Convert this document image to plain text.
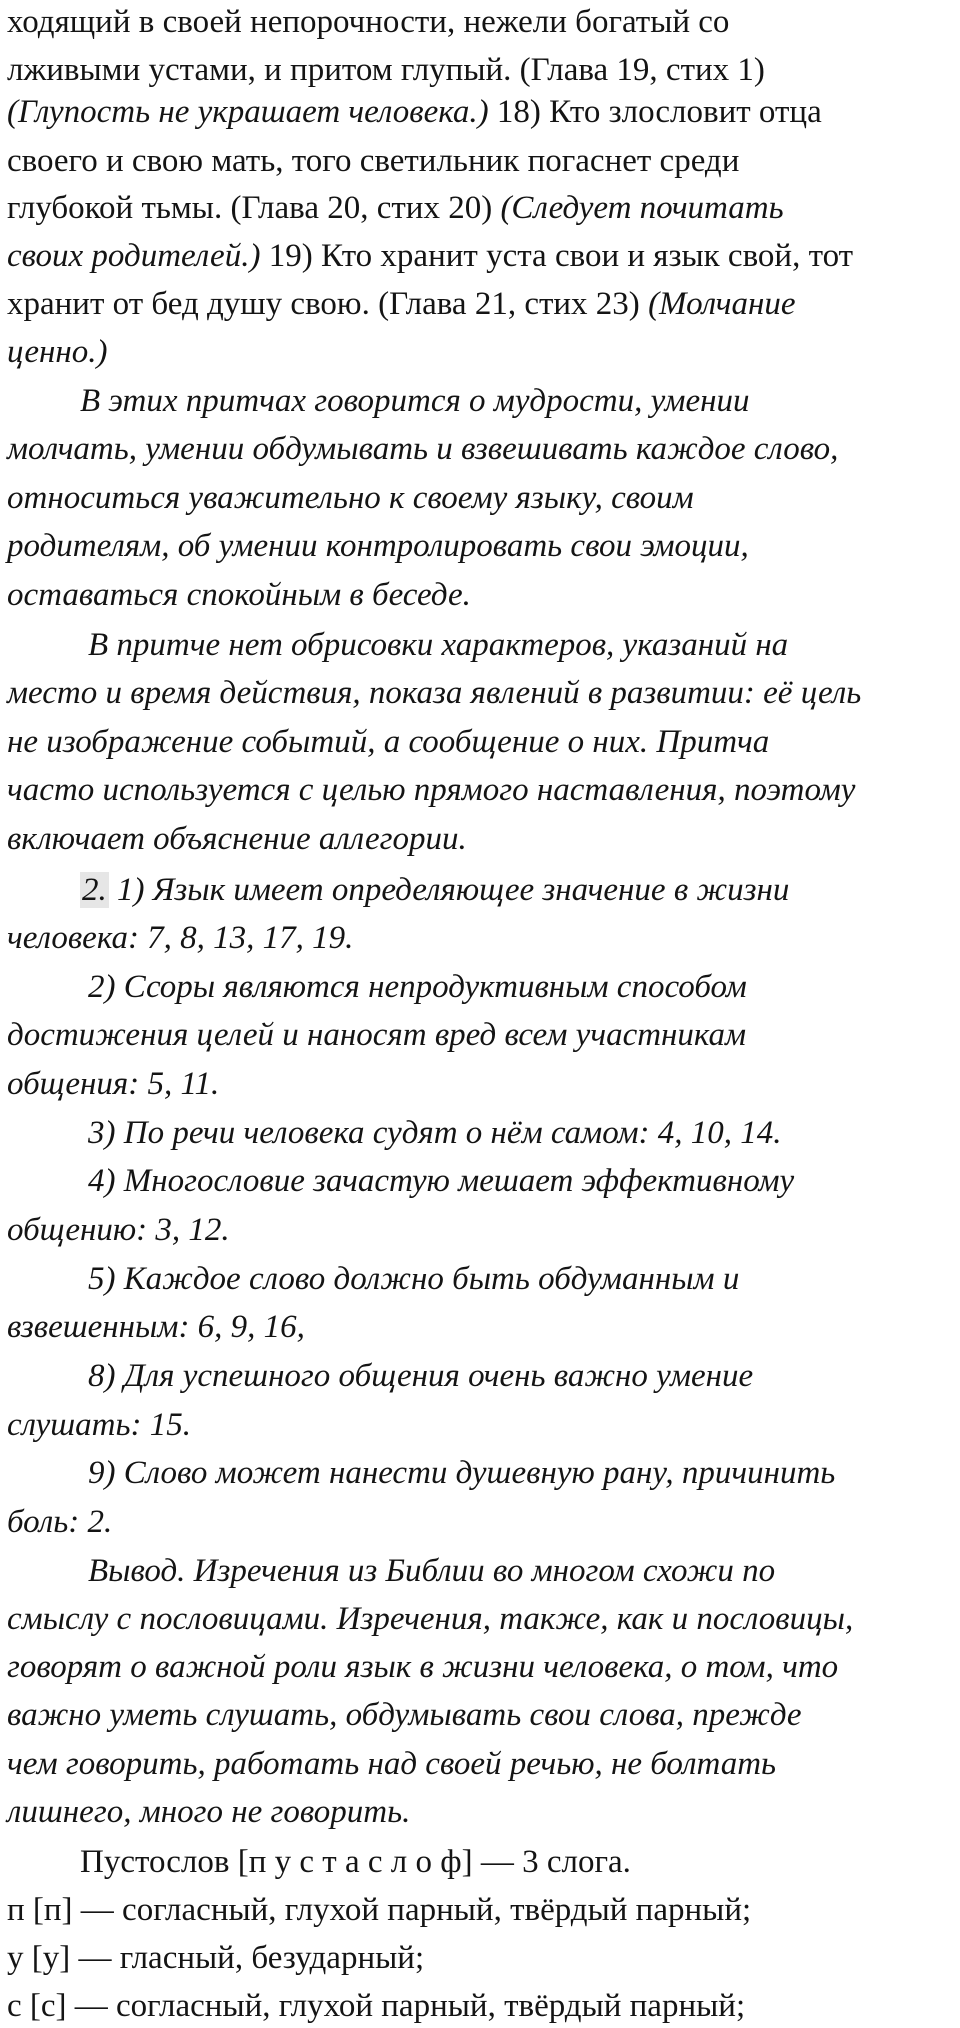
ходящий в своей непорочности, нежели богатый со
лживыми устами, и притом глупый. (Глава 19, стих 1)
(Глупость не украшает человека.) 18) Кто злословит отца
своего и свою мать, того светильник погаснет среди
глубокой тьмы. (Глава 20, стих 20) (Следует почитать
своих родителей.) 19) Кто хранит уста свои и язык свой, тот
хранит от бед душу свою. (Глава 21, стих 23) (Молчание
ценно.)
В этих притчах говорится о мудрости, умении
молчать, умении обдумывать и взвешивать каждое слово,
относиться уважительно к своему языку, своим
родителям, об умении контролировать свои эмоции,
оставаться спокойным в беседе.
В притче нет обрисовки характеров, указаний на
место и время действия, показа явлений в развитии: её цель
не изображение событий, а сообщение о них. Притча
часто используется с целью прямого наставления, поэтому
включает объяснение аллегории.
2. 1) Язык имеет определяющее значение в жизни
человека: 7, 8, 13, 17, 19.
2) Ссоры являются непродуктивным способом
достижения целей и наносят вред всем участникам
общения: 5, 11.
3) По речи человека судят о нём самом: 4, 10, 14.
4) Многословие зачастую мешает эффективному
общению: 3, 12.
5) Каждое слово должно быть обдуманным и
взвешенным: 6, 9, 16,
8) Для успешного общения очень важно умение
слушать: 15.
9) Слово может нанести душевную рану, причинить
боль: 2.
Вывод. Изречения из Библии во многом схожи по
смыслу с пословицами. Изречения, также, как и пословицы,
говорят о важной роли язык в жизни человека, о том, что
важно уметь слушать, обдумывать свои слова, прежде
чем говорить, работать над своей речью, не болтать
лишнего, много не говорить.
Пустослов [п у с т а с л о ф] — 3 слога.
п [п] — согласный, глухой парный, твёрдый парный;
у [у] — гласный, безударный;
с [с] — согласный, глухой парный, твёрдый парный;
